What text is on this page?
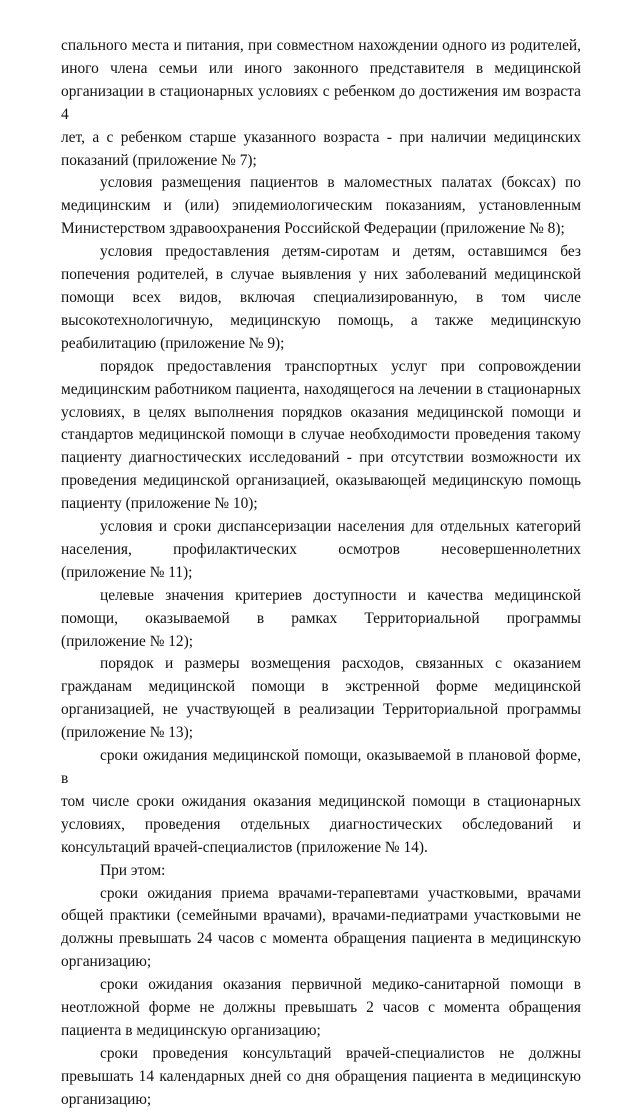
спального места и питания, при совместном нахождении одного из родителей,
иного члена семьи или иного законного представителя в медицинской
организации в стационарных условиях с ребенком до достижения им возраста 4
лет, а с ребенком старше указанного возраста - при наличии медицинских
показаний (приложение № 7);

условия размещения пациентов в маломестных палатах (боксах) по
медицинским и (или) эпидемиологическим показаниям, установленным
Министерством здравоохранения Российской Федерации (приложение № 8);

условия предоставления детям-сиротам и детям, оставшимся без
попечения родителей, в случае выявления у них заболеваний медицинской
помощи всех видов, включая специализированную, в том числе
высокотехнологичную, медицинскую помощь, а также медицинскую
реабилитацию (приложение № 9);

порядок предоставления транспортных услуг при сопровождении
медицинским работником пациента, находящегося на лечении в стационарных
условиях, в целях выполнения порядков оказания медицинской помощи и
стандартов медицинской помощи в случае необходимости проведения такому
пациенту диагностических исследований - при отсутствии возможности их
проведения медицинской организацией, оказывающей медицинскую помощь
пациенту (приложение № 10);

условия и сроки диспансеризации населения для отдельных категорий
населения, профилактических осмотров несовершеннолетних
(приложение № 11);

целевые значения критериев доступности и качества медицинской
помощи, оказываемой в рамках Территориальной программы
(приложение № 12);

порядок и размеры возмещения расходов, связанных с оказанием
гражданам медицинской помощи в экстренной форме медицинской
организацией, не участвующей в реализации Территориальной программы
(приложение № 13);

сроки ожидания медицинской помощи, оказываемой в плановой форме, в
том числе сроки ожидания оказания медицинской помощи в стационарных
условиях, проведения отдельных диагностических обследований и
консультаций врачей-специалистов (приложение № 14).

При этом:

сроки ожидания приема врачами-терапевтами участковыми, врачами
общей практики (семейными врачами), врачами-педиатрами участковыми не
должны превышать 24 часов с момента обращения пациента в медицинскую
организацию;

сроки ожидания оказания первичной медико-санитарной помощи в
неотложной форме не должны превышать 2 часов с момента обращения
пациента в медицинскую организацию;

сроки проведения консультаций врачей-специалистов не должны
превышать 14 календарных дней со дня обращения пациента в медицинскую
организацию;
